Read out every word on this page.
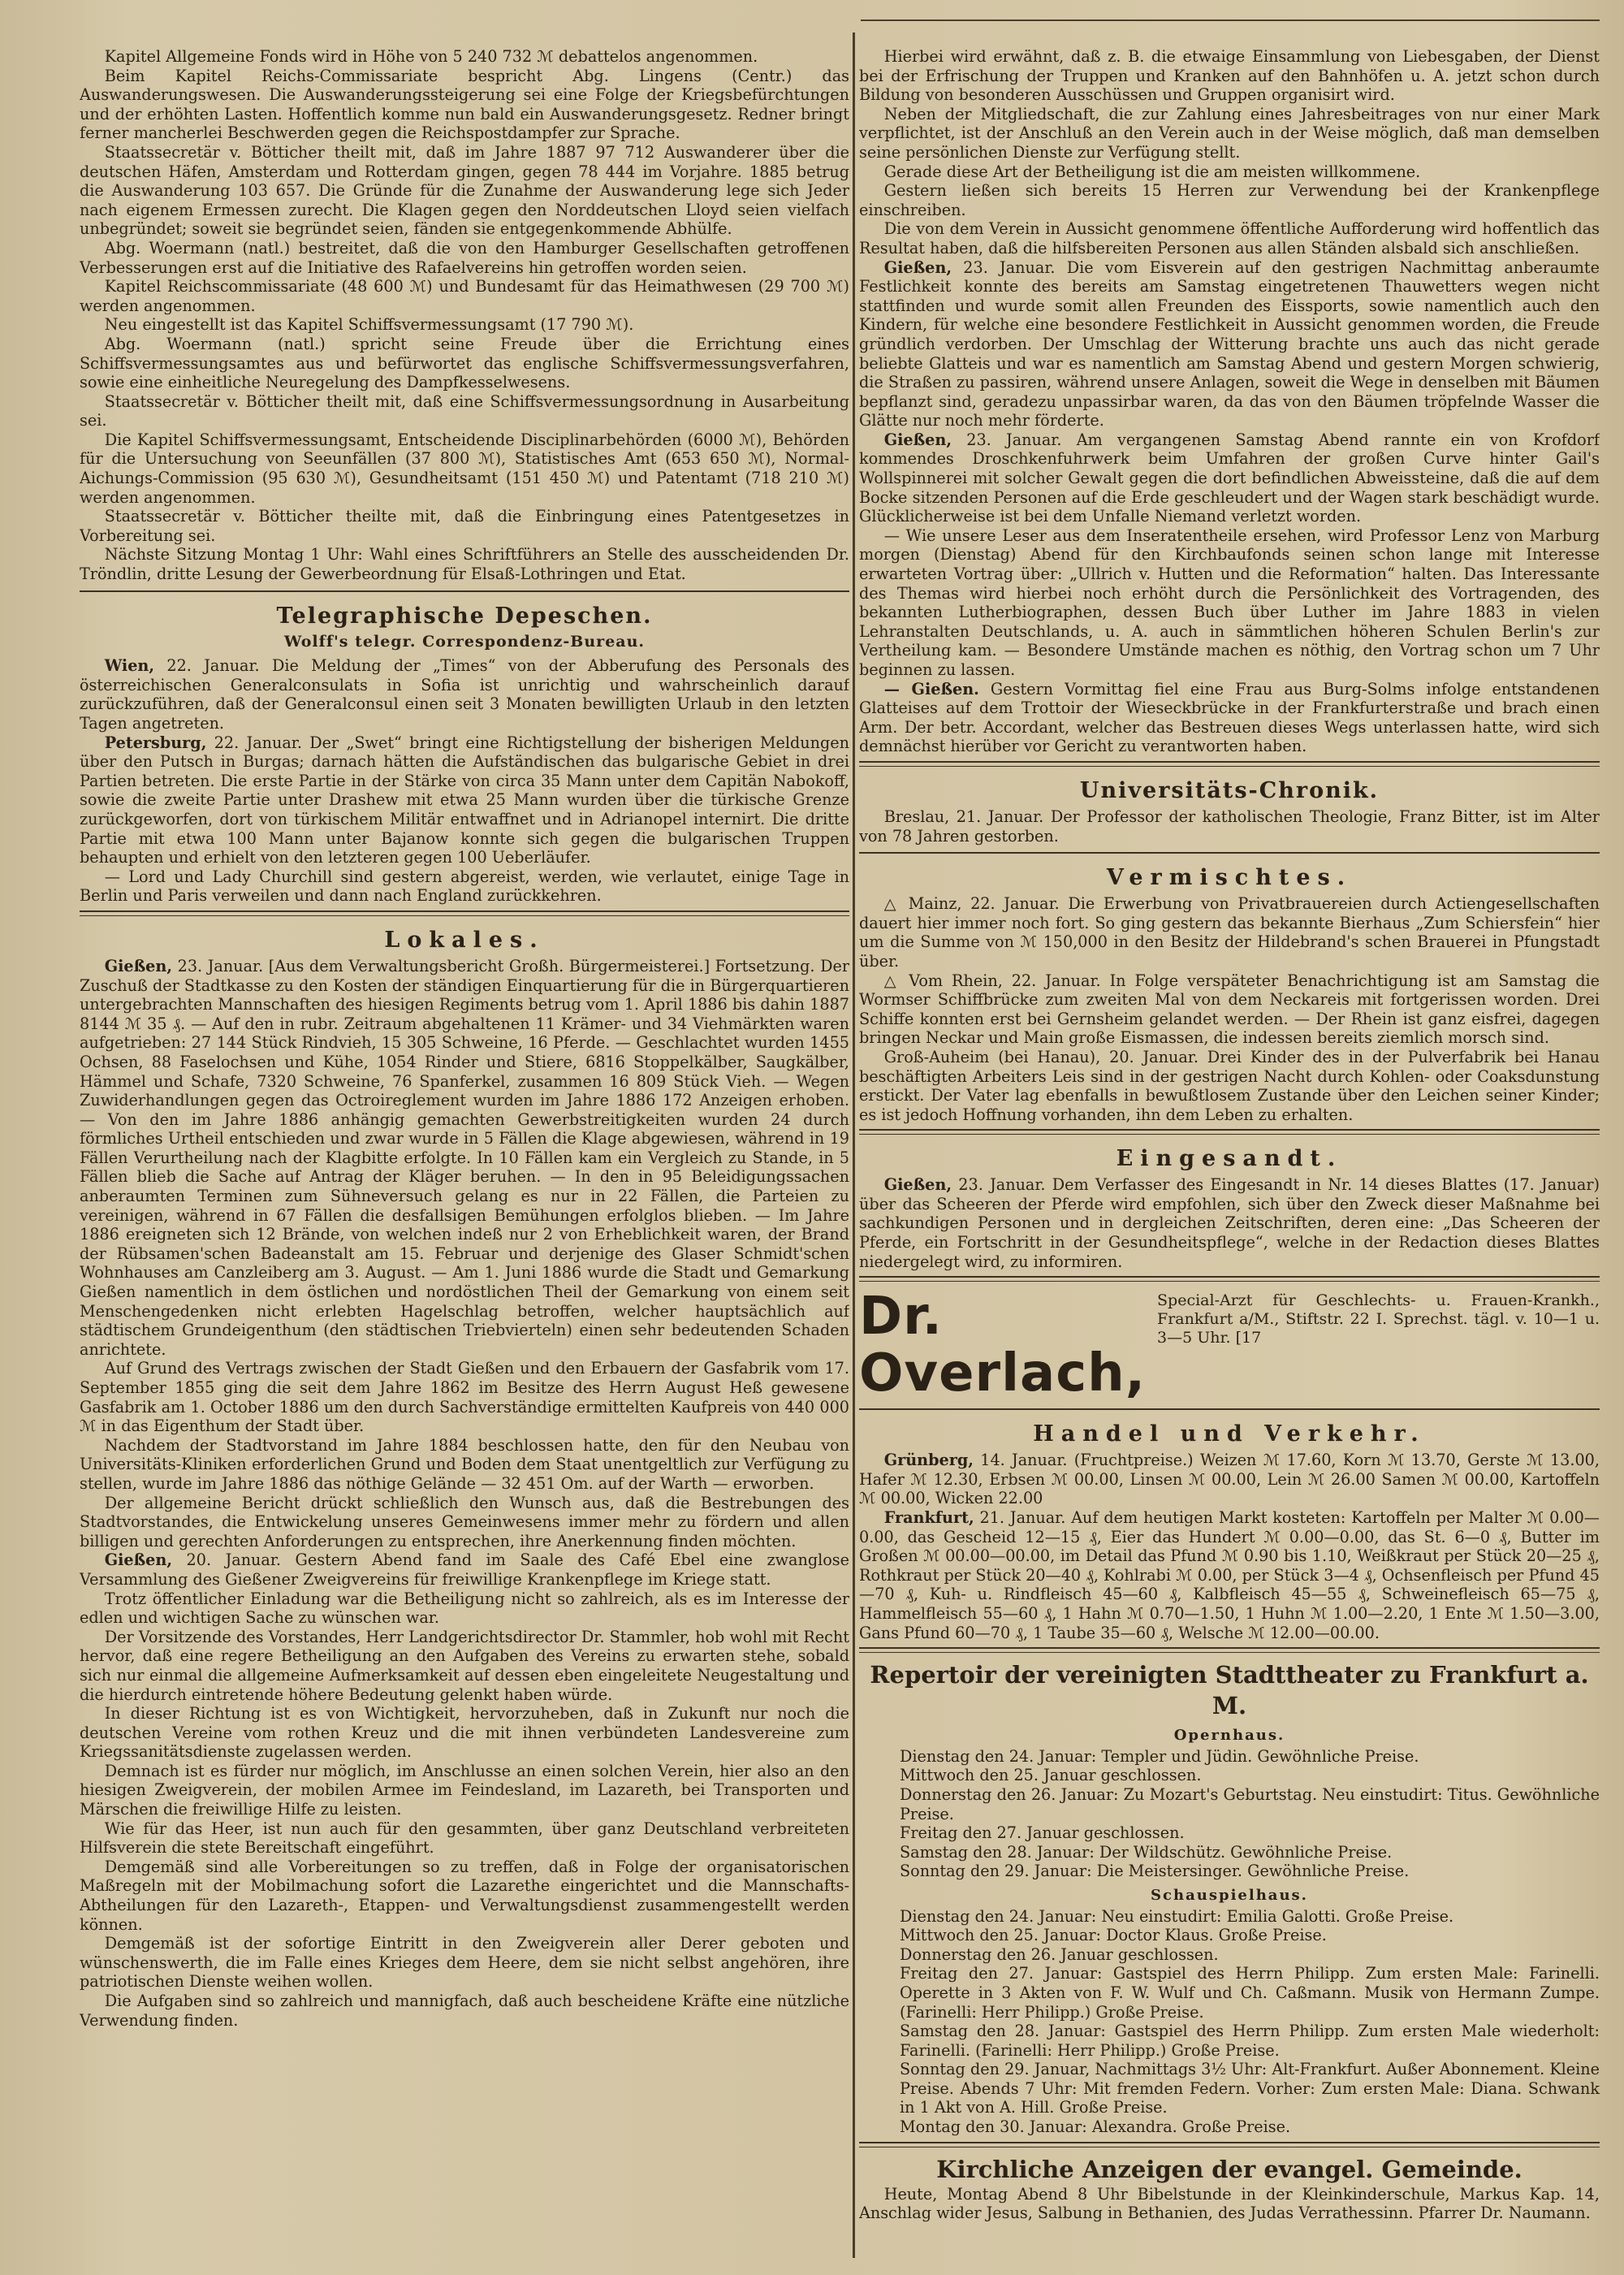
Kapitel Allgemeine Fonds wird in Höhe von 5 240 732 ℳ debattelos angenommen.

Beim Kapitel Reichs-Commissariate bespricht Abg. Lingens (Centr.) das Auswanderungswesen. Die Auswanderungssteigerung sei eine Folge der Kriegsbefürchtungen und der erhöhten Lasten. Hoffentlich komme nun bald ein Auswanderungsgesetz. Redner bringt ferner mancherlei Beschwerden gegen die Reichspostdampfer zur Sprache.

Staatssecretär v. Bötticher theilt mit, daß im Jahre 1887 97 712 Auswanderer über die deutschen Häfen, Amsterdam und Rotterdam gingen, gegen 78 444 im Vorjahre. 1885 betrug die Auswanderung 103 657. Die Gründe für die Zunahme der Auswanderung lege sich Jeder nach eigenem Ermessen zurecht. Die Klagen gegen den Norddeutschen Lloyd seien vielfach unbegründet; soweit sie begründet seien, fänden sie entgegenkommende Abhülfe.

Abg. Woermann (natl.) bestreitet, daß die von den Hamburger Gesellschaften getroffenen Verbesserungen erst auf die Initiative des Rafaelvereins hin getroffen worden seien.

Kapitel Reichscommissariate (48 600 ℳ) und Bundesamt für das Heimathwesen (29 700 ℳ) werden angenommen.

Neu eingestellt ist das Kapitel Schiffsvermessungsamt (17 790 ℳ).

Abg. Woermann (natl.) spricht seine Freude über die Errichtung eines Schiffsvermessungsamtes aus und befürwortet das englische Schiffsvermessungsverfahren, sowie eine einheitliche Neuregelung des Dampfkesselwesens.

Staatssecretär v. Bötticher theilt mit, daß eine Schiffsvermessungsordnung in Ausarbeitung sei.

Die Kapitel Schiffsvermessungsamt, Entscheidende Disciplinarbehörden (6000 ℳ), Behörden für die Untersuchung von Seeunfällen (37 800 ℳ), Statistisches Amt (653 650 ℳ), Normal-Aichungs-Commission (95 630 ℳ), Gesundheitsamt (151 450 ℳ) und Patentamt (718 210 ℳ) werden angenommen.

Staatssecretär v. Bötticher theilte mit, daß die Einbringung eines Patentgesetzes in Vorbereitung sei.

Nächste Sitzung Montag 1 Uhr: Wahl eines Schriftführers an Stelle des ausscheidenden Dr. Tröndlin, dritte Lesung der Gewerbeordnung für Elsaß-Lothringen und Etat.

Telegraphische Depeschen.
Wolff's telegr. Correspondenz-Bureau.

Wien, 22. Januar. Die Meldung der „Times“ von der Abberufung des Personals des österreichischen Generalconsulats in Sofia ist unrichtig und wahrscheinlich darauf zurückzuführen, daß der Generalconsul einen seit 3 Monaten bewilligten Urlaub in den letzten Tagen angetreten.

Petersburg, 22. Januar. Der „Swet“ bringt eine Richtigstellung der bisherigen Meldungen über den Putsch in Burgas; darnach hätten die Aufständischen das bulgarische Gebiet in drei Partien betreten. Die erste Partie in der Stärke von circa 35 Mann unter dem Capitän Nabokoff, sowie die zweite Partie unter Drashew mit etwa 25 Mann wurden über die türkische Grenze zurückgeworfen, dort von türkischem Militär entwaffnet und in Adrianopel internirt. Die dritte Partie mit etwa 100 Mann unter Bajanow konnte sich gegen die bulgarischen Truppen behaupten und erhielt von den letzteren gegen 100 Ueberläufer.

— Lord und Lady Churchill sind gestern abgereist, werden, wie verlautet, einige Tage in Berlin und Paris verweilen und dann nach England zurückkehren.

Lokales.

Gießen, 23. Januar. [Aus dem Verwaltungsbericht Großh. Bürgermeisterei.] Fortsetzung. Der Zuschuß der Stadtkasse zu den Kosten der ständigen Einquartierung für die in Bürgerquartieren untergebrachten Mannschaften des hiesigen Regiments betrug vom 1. April 1886 bis dahin 1887 8144 ℳ 35 ₰. — Auf den in rubr. Zeitraum abgehaltenen 11 Krämer- und 34 Viehmärkten waren aufgetrieben: 27 144 Stück Rindvieh, 15 305 Schweine, 16 Pferde. — Geschlachtet wurden 1455 Ochsen, 88 Faselochsen und Kühe, 1054 Rinder und Stiere, 6816 Stoppelkälber, Saugkälber, Hämmel und Schafe, 7320 Schweine, 76 Spanferkel, zusammen 16 809 Stück Vieh. — Wegen Zuwiderhandlungen gegen das Octroireglement wurden im Jahre 1886 172 Anzeigen erhoben. — Von den im Jahre 1886 anhängig gemachten Gewerbstreitigkeiten wurden 24 durch förmliches Urtheil entschieden und zwar wurde in 5 Fällen die Klage abgewiesen, während in 19 Fällen Verurtheilung nach der Klagbitte erfolgte. In 10 Fällen kam ein Vergleich zu Stande, in 5 Fällen blieb die Sache auf Antrag der Kläger beruhen. — In den in 95 Beleidigungssachen anberaumten Terminen zum Sühneversuch gelang es nur in 22 Fällen, die Parteien zu vereinigen, während in 67 Fällen die desfallsigen Bemühungen erfolglos blieben. — Im Jahre 1886 ereigneten sich 12 Brände, von welchen indeß nur 2 von Erheblichkeit waren, der Brand der Rübsamen'schen Badeanstalt am 15. Februar und derjenige des Glaser Schmidt'schen Wohnhauses am Canzleiberg am 3. August. — Am 1. Juni 1886 wurde die Stadt und Gemarkung Gießen namentlich in dem östlichen und nordöstlichen Theil der Gemarkung von einem seit Menschengedenken nicht erlebten Hagelschlag betroffen, welcher hauptsächlich auf städtischem Grundeigenthum (den städtischen Triebvierteln) einen sehr bedeutenden Schaden anrichtete.

Auf Grund des Vertrags zwischen der Stadt Gießen und den Erbauern der Gasfabrik vom 17. September 1855 ging die seit dem Jahre 1862 im Besitze des Herrn August Heß gewesene Gasfabrik am 1. October 1886 um den durch Sachverständige ermittelten Kaufpreis von 440 000 ℳ in das Eigenthum der Stadt über.

Nachdem der Stadtvorstand im Jahre 1884 beschlossen hatte, den für den Neubau von Universitäts-Kliniken erforderlichen Grund und Boden dem Staat unentgeltlich zur Verfügung zu stellen, wurde im Jahre 1886 das nöthige Gelände — 32 451 Om. auf der Warth — erworben.

Der allgemeine Bericht drückt schließlich den Wunsch aus, daß die Bestrebungen des Stadtvorstandes, die Entwickelung unseres Gemeinwesens immer mehr zu fördern und allen billigen und gerechten Anforderungen zu entsprechen, ihre Anerkennung finden möchten.

Gießen, 20. Januar. Gestern Abend fand im Saale des Café Ebel eine zwanglose Versammlung des Gießener Zweigvereins für freiwillige Krankenpflege im Kriege statt.

Trotz öffentlicher Einladung war die Betheiligung nicht so zahlreich, als es im Interesse der edlen und wichtigen Sache zu wünschen war.

Der Vorsitzende des Vorstandes, Herr Landgerichtsdirector Dr. Stammler, hob wohl mit Recht hervor, daß eine regere Betheiligung an den Aufgaben des Vereins zu erwarten stehe, sobald sich nur einmal die allgemeine Aufmerksamkeit auf dessen eben eingeleitete Neugestaltung und die hierdurch eintretende höhere Bedeutung gelenkt haben würde.

In dieser Richtung ist es von Wichtigkeit, hervorzuheben, daß in Zukunft nur noch die deutschen Vereine vom rothen Kreuz und die mit ihnen verbündeten Landesvereine zum Kriegssanitätsdienste zugelassen werden.

Demnach ist es fürder nur möglich, im Anschlusse an einen solchen Verein, hier also an den hiesigen Zweigverein, der mobilen Armee im Feindesland, im Lazareth, bei Transporten und Märschen die freiwillige Hilfe zu leisten.

Wie für das Heer, ist nun auch für den gesammten, über ganz Deutschland verbreiteten Hilfsverein die stete Bereitschaft eingeführt.

Demgemäß sind alle Vorbereitungen so zu treffen, daß in Folge der organisatorischen Maßregeln mit der Mobilmachung sofort die Lazarethe eingerichtet und die Mannschafts-Abtheilungen für den Lazareth-, Etappen- und Verwaltungsdienst zusammengestellt werden können.

Demgemäß ist der sofortige Eintritt in den Zweigverein aller Derer geboten und wünschenswerth, die im Falle eines Krieges dem Heere, dem sie nicht selbst angehören, ihre patriotischen Dienste weihen wollen.

Die Aufgaben sind so zahlreich und mannigfach, daß auch bescheidene Kräfte eine nützliche Verwendung finden.

Hierbei wird erwähnt, daß z. B. die etwaige Einsammlung von Liebesgaben, der Dienst bei der Erfrischung der Truppen und Kranken auf den Bahnhöfen u. A. jetzt schon durch Bildung von besonderen Ausschüssen und Gruppen organisirt wird.

Neben der Mitgliedschaft, die zur Zahlung eines Jahresbeitrages von nur einer Mark verpflichtet, ist der Anschluß an den Verein auch in der Weise möglich, daß man demselben seine persönlichen Dienste zur Verfügung stellt.

Gerade diese Art der Betheiligung ist die am meisten willkommene.

Gestern ließen sich bereits 15 Herren zur Verwendung bei der Krankenpflege einschreiben.

Die von dem Verein in Aussicht genommene öffentliche Aufforderung wird hoffentlich das Resultat haben, daß die hilfsbereiten Personen aus allen Ständen alsbald sich anschließen.

Gießen, 23. Januar. Die vom Eisverein auf den gestrigen Nachmittag anberaumte Festlichkeit konnte des bereits am Samstag eingetretenen Thauwetters wegen nicht stattfinden und wurde somit allen Freunden des Eissports, sowie namentlich auch den Kindern, für welche eine besondere Festlichkeit in Aussicht genommen worden, die Freude gründlich verdorben. Der Umschlag der Witterung brachte uns auch das nicht gerade beliebte Glatteis und war es namentlich am Samstag Abend und gestern Morgen schwierig, die Straßen zu passiren, während unsere Anlagen, soweit die Wege in denselben mit Bäumen bepflanzt sind, geradezu unpassirbar waren, da das von den Bäumen tröpfelnde Wasser die Glätte nur noch mehr förderte.

Gießen, 23. Januar. Am vergangenen Samstag Abend rannte ein von Krofdorf kommendes Droschkenfuhrwerk beim Umfahren der großen Curve hinter Gail's Wollspinnerei mit solcher Gewalt gegen die dort befindlichen Abweissteine, daß die auf dem Bocke sitzenden Personen auf die Erde geschleudert und der Wagen stark beschädigt wurde. Glücklicherweise ist bei dem Unfalle Niemand verletzt worden.

— Wie unsere Leser aus dem Inseratentheile ersehen, wird Professor Lenz von Marburg morgen (Dienstag) Abend für den Kirchbaufonds seinen schon lange mit Interesse erwarteten Vortrag über: „Ullrich v. Hutten und die Reformation“ halten. Das Interessante des Themas wird hierbei noch erhöht durch die Persönlichkeit des Vortragenden, des bekannten Lutherbiographen, dessen Buch über Luther im Jahre 1883 in vielen Lehranstalten Deutschlands, u. A. auch in sämmtlichen höheren Schulen Berlin's zur Vertheilung kam. — Besondere Umstände machen es nöthig, den Vortrag schon um 7 Uhr beginnen zu lassen.

— Gießen. Gestern Vormittag fiel eine Frau aus Burg-Solms infolge entstandenen Glatteises auf dem Trottoir der Wieseckbrücke in der Frankfurterstraße und brach einen Arm. Der betr. Accordant, welcher das Bestreuen dieses Wegs unterlassen hatte, wird sich demnächst hierüber vor Gericht zu verantworten haben.

Universitäts-Chronik.

Breslau, 21. Januar. Der Professor der katholischen Theologie, Franz Bitter, ist im Alter von 78 Jahren gestorben.

Vermischtes.

△ Mainz, 22. Januar. Die Erwerbung von Privatbrauereien durch Actiengesellschaften dauert hier immer noch fort. So ging gestern das bekannte Bierhaus „Zum Schiersfein“ hier um die Summe von ℳ 150,000 in den Besitz der Hildebrand's schen Brauerei in Pfungstadt über.

△ Vom Rhein, 22. Januar. In Folge verspäteter Benachrichtigung ist am Samstag die Wormser Schiffbrücke zum zweiten Mal von dem Neckareis mit fortgerissen worden. Drei Schiffe konnten erst bei Gernsheim gelandet werden. — Der Rhein ist ganz eisfrei, dagegen bringen Neckar und Main große Eismassen, die indessen bereits ziemlich morsch sind.

Groß-Auheim (bei Hanau), 20. Januar. Drei Kinder des in der Pulverfabrik bei Hanau beschäftigten Arbeiters Leis sind in der gestrigen Nacht durch Kohlen- oder Coaksdunstung erstickt. Der Vater lag ebenfalls in bewußtlosem Zustande über den Leichen seiner Kinder; es ist jedoch Hoffnung vorhanden, ihn dem Leben zu erhalten.

Eingesandt.

Gießen, 23. Januar. Dem Verfasser des Eingesandt in Nr. 14 dieses Blattes (17. Januar) über das Scheeren der Pferde wird empfohlen, sich über den Zweck dieser Maßnahme bei sachkundigen Personen und in dergleichen Zeitschriften, deren eine: „Das Scheeren der Pferde, ein Fortschritt in der Gesundheitspflege“, welche in der Redaction dieses Blattes niedergelegt wird, zu informiren.

Dr. Overlach,
Special-Arzt für Geschlechts- u. Frauen-Krankh., Frankfurt a/M., Stiftstr. 22 I. Sprechst. tägl. v. 10—1 u. 3—5 Uhr. [17
Handel und Verkehr.

Grünberg, 14. Januar. (Fruchtpreise.) Weizen ℳ 17.60, Korn ℳ 13.70, Gerste ℳ 13.00, Hafer ℳ 12.30, Erbsen ℳ 00.00, Linsen ℳ 00.00, Lein ℳ 26.00 Samen ℳ 00.00, Kartoffeln ℳ 00.00, Wicken 22.00

Frankfurt, 21. Januar. Auf dem heutigen Markt kosteten: Kartoffeln per Malter ℳ 0.00—0.00, das Gescheid 12—15 ₰, Eier das Hundert ℳ 0.00—0.00, das St. 6—0 ₰, Butter im Großen ℳ 00.00—00.00, im Detail das Pfund ℳ 0.90 bis 1.10, Weißkraut per Stück 20—25 ₰, Rothkraut per Stück 20—40 ₰, Kohlrabi ℳ 0.00, per Stück 3—4 ₰, Ochsenfleisch per Pfund 45—70 ₰, Kuh- u. Rindfleisch 45—60 ₰, Kalbfleisch 45—55 ₰, Schweinefleisch 65—75 ₰, Hammelfleisch 55—60 ₰, 1 Hahn ℳ 0.70—1.50, 1 Huhn ℳ 1.00—2.20, 1 Ente ℳ 1.50—3.00, Gans Pfund 60—70 ₰, 1 Taube 35—60 ₰, Welsche ℳ 12.00—00.00.

Repertoir der vereinigten Stadttheater zu Frankfurt a. M.
Opernhaus.

Dienstag den 24. Januar: Templer und Jüdin. Gewöhnliche Preise.

Mittwoch den 25. Januar geschlossen.

Donnerstag den 26. Januar: Zu Mozart's Geburtstag. Neu einstudirt: Titus. Gewöhnliche Preise.

Freitag den 27. Januar geschlossen.

Samstag den 28. Januar: Der Wildschütz. Gewöhnliche Preise.

Sonntag den 29. Januar: Die Meistersinger. Gewöhnliche Preise.

Schauspielhaus.

Dienstag den 24. Januar: Neu einstudirt: Emilia Galotti. Große Preise.

Mittwoch den 25. Januar: Doctor Klaus. Große Preise.

Donnerstag den 26. Januar geschlossen.

Freitag den 27. Januar: Gastspiel des Herrn Philipp. Zum ersten Male: Farinelli. Operette in 3 Akten von F. W. Wulf und Ch. Caßmann. Musik von Hermann Zumpe. (Farinelli: Herr Philipp.) Große Preise.

Samstag den 28. Januar: Gastspiel des Herrn Philipp. Zum ersten Male wiederholt: Farinelli. (Farinelli: Herr Philipp.) Große Preise.

Sonntag den 29. Januar, Nachmittags 3½ Uhr: Alt-Frankfurt. Außer Abonnement. Kleine Preise. Abends 7 Uhr: Mit fremden Federn. Vorher: Zum ersten Male: Diana. Schwank in 1 Akt von A. Hill. Große Preise.

Montag den 30. Januar: Alexandra. Große Preise.

Kirchliche Anzeigen der evangel. Gemeinde.

Heute, Montag Abend 8 Uhr Bibelstunde in der Kleinkinderschule, Markus Kap. 14, Anschlag wider Jesus, Salbung in Bethanien, des Judas Verrathessinn. Pfarrer Dr. Naumann.
